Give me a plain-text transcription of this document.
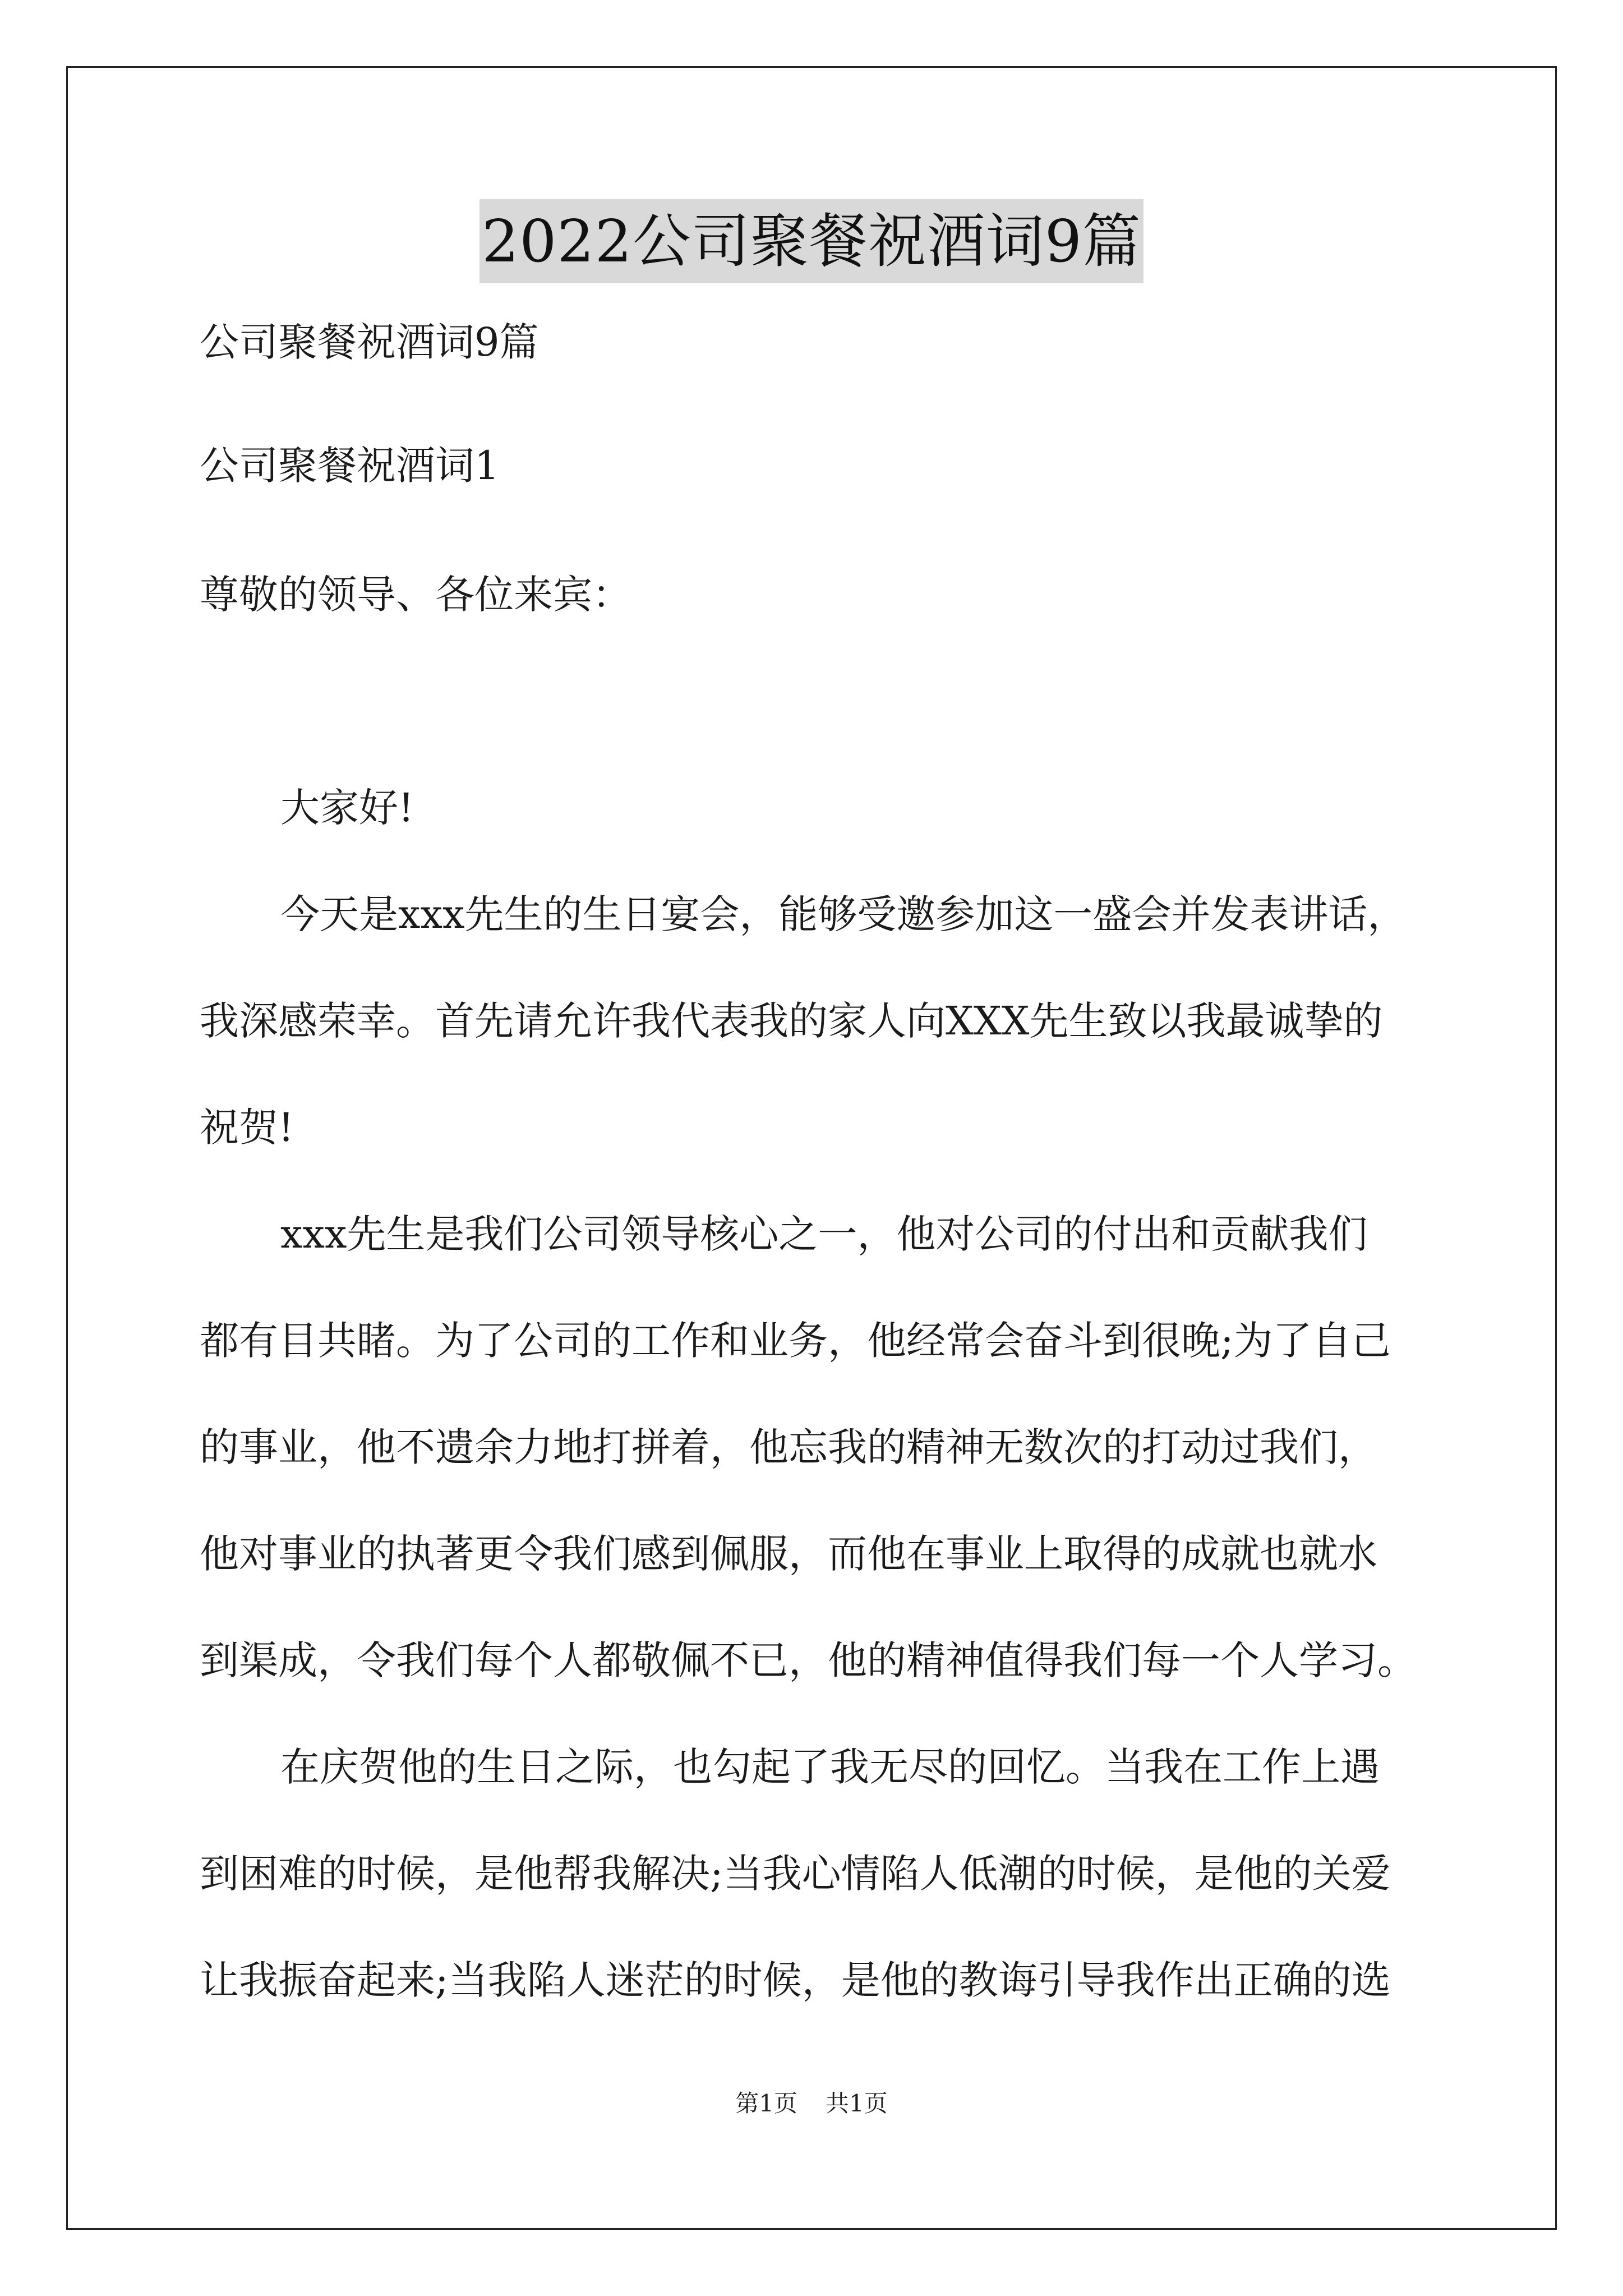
2022公司聚餐祝酒词9篇
公司聚餐祝酒词9篇
公司聚餐祝酒词1
尊敬的领导、各位来宾：
大家好!
今天是xxx先生的生日宴会，能够受邀参加这一盛会并发表讲话，
我深感荣幸。首先请允许我代表我的家人向XXX先生致以我最诚挚的
祝贺!
xxx先生是我们公司领导核心之一，他对公司的付出和贡献我们
都有目共睹。为了公司的工作和业务，他经常会奋斗到很晚;为了自己
的事业，他不遗余力地打拼着，他忘我的精神无数次的打动过我们，
他对事业的执著更令我们感到佩服，而他在事业上取得的成就也就水
到渠成，令我们每个人都敬佩不已，他的精神值得我们每一个人学习。
在庆贺他的生日之际，也勾起了我无尽的回忆。当我在工作上遇
到困难的时候，是他帮我解决;当我心情陷人低潮的时候，是他的关爱
让我振奋起来;当我陷人迷茫的时候，是他的教诲引导我作出正确的选
第1页 共1页
